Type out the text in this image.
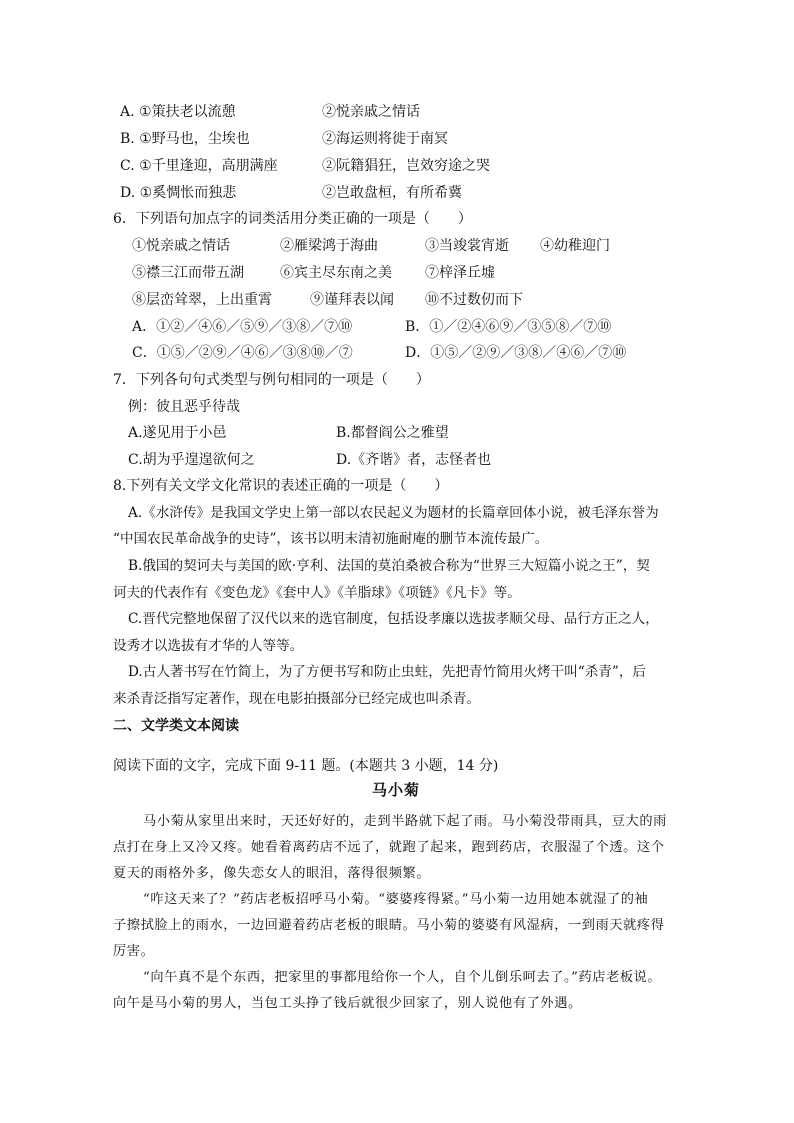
A. ①策扶老以流憩	②悦亲戚之情话
B. ①野马也，尘埃也	②海运则将徙于南冥
C. ①千里逢迎，高朋满座	②阮籍猖狂，岂效穷途之哭
D. ①奚惆怅而独悲	②岂敢盘桓，有所希冀
6．下列语句加点字的词类活用分类正确的一项是（　　）
①悦亲戚之情话	②雁梁鸿于海曲	③当竣裳宵逝 ④幼稚迎门
⑤襟三江而带五湖	⑥宾主尽东南之美 ⑦梓泽丘墟
⑧层峦耸翠，上出重霄	⑨谨拜表以闻 ⑩不过数仞而下
A．①②／④⑥／⑤⑨／③⑧／⑦⑩	B．①／②④⑥⑨／③⑤⑧／⑦⑩
C．①⑤／②⑨／④⑥／③⑧⑩／⑦	D．①⑤／②⑨／③⑧／④⑥／⑦⑩
7．下列各句句式类型与例句相同的一项是（　　）
例：彼且恶乎待哉
A.遂见用于小邑	B.都督阎公之雅望
C.胡为乎遑遑欲何之	D.《齐谐》者，志怪者也
8.下列有关文学文化常识的表述正确的一项是（　　）
A.《水浒传》是我国文学史上第一部以农民起义为题材的长篇章回体小说，被毛泽东誉为
“中国农民革命战争的史诗”，该书以明末清初施耐庵的删节本流传最广。
B.俄国的契诃夫与美国的欧·亨利、法国的莫泊桑被合称为“世界三大短篇小说之王”，契
诃夫的代表作有《变色龙》《套中人》《羊脂球》《项链》《凡卡》等。
C.晋代完整地保留了汉代以来的选官制度，包括设孝廉以选拔孝顺父母、品行方正之人，
设秀才以选拔有才华的人等等。
D.古人著书写在竹简上，为了方便书写和防止虫蛀，先把青竹简用火烤干叫“杀青”，后
来杀青泛指写定著作，现在电影拍摄部分已经完成也叫杀青。
二、文学类文本阅读
阅读下面的文字，完成下面 9-11 题。(本题共 3 小题，14 分)
马小菊
马小菊从家里出来时，天还好好的，走到半路就下起了雨。马小菊没带雨具，豆大的雨
点打在身上又冷又疼。她看着离药店不远了，就跑了起来，跑到药店，衣服湿了个透。这个
夏天的雨格外多，像失恋女人的眼泪，落得很频繁。
“咋这天来了？”药店老板招呼马小菊。“婆婆疼得紧。”马小菊一边用她本就湿了的袖
子擦拭脸上的雨水，一边回避着药店老板的眼睛。马小菊的婆婆有风湿病，一到雨天就疼得
厉害。
“向午真不是个东西，把家里的事都甩给你一个人，自个儿倒乐呵去了。”药店老板说。
向午是马小菊的男人，当包工头挣了钱后就很少回家了，别人说他有了外遇。
